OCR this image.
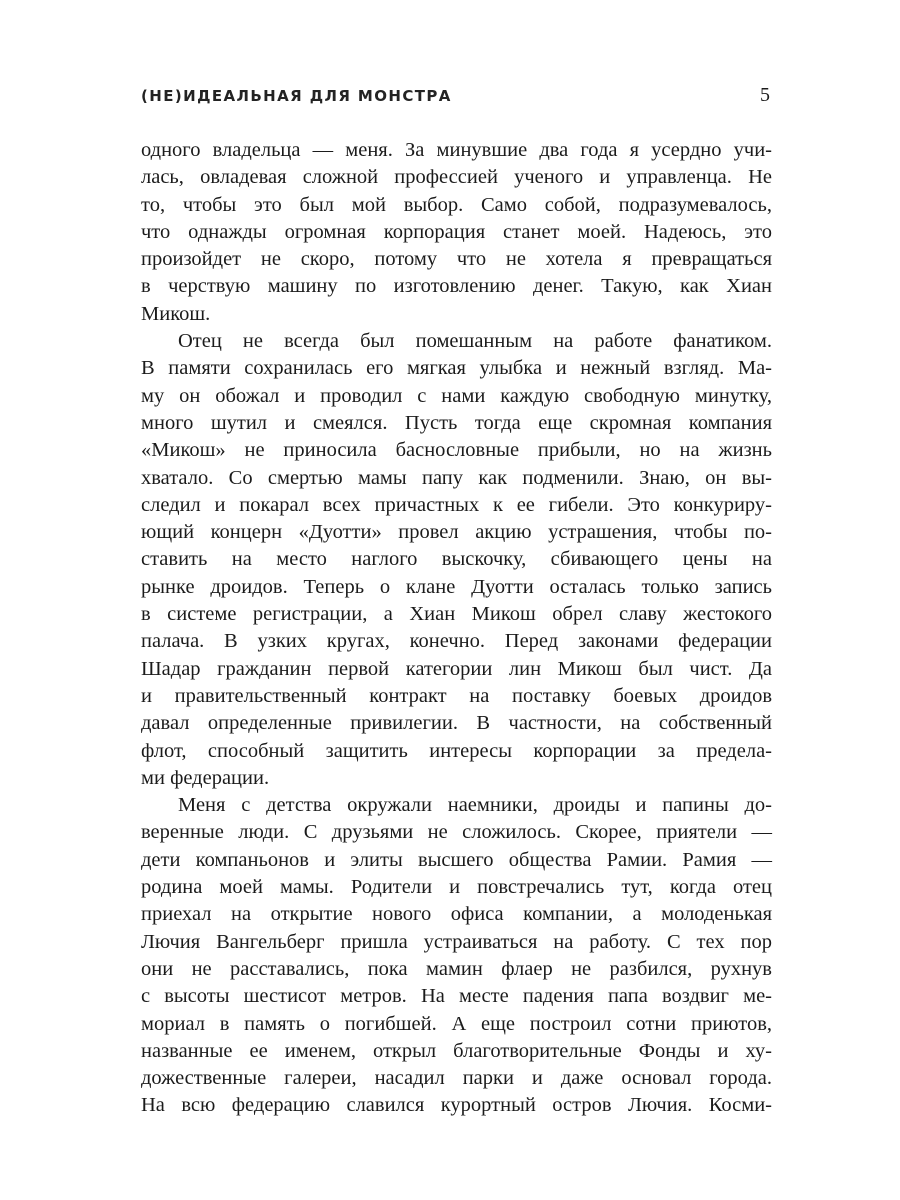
(НЕ)ИДЕАЛЬНАЯ ДЛЯ МОНСТРА	5

одного владельца — меня. За минувшие два года я усердно учи-
лась, овладевая сложной профессией ученого и управленца. Не
то, чтобы это был мой выбор. Само собой, подразумевалось,
что однажды огромная корпорация станет моей. Надеюсь, это
произойдет не скоро, потому что не хотела я превращаться
в черствую машину по изготовлению денег. Такую, как Хиан
Микош.

Отец не всегда был помешанным на работе фанатиком.
В памяти сохранилась его мягкая улыбка и нежный взгляд. Ма-
му он обожал и проводил с нами каждую свободную минутку,
много шутил и смеялся. Пусть тогда еще скромная компания
«Микош» не приносила баснословные прибыли, но на жизнь
хватало. Со смертью мамы папу как подменили. Знаю, он вы-
следил и покарал всех причастных к ее гибели. Это конкуриру-
ющий концерн «Дуотти» провел акцию устрашения, чтобы по-
ставить на место наглого выскочку, сбивающего цены на
рынке дроидов. Теперь о клане Дуотти осталась только запись
в системе регистрации, а Хиан Микош обрел славу жестокого
палача. В узких кругах, конечно. Перед законами федерации
Шадар гражданин первой категории лин Микош был чист. Да
и правительственный контракт на поставку боевых дроидов
давал определенные привилегии. В частности, на собственный
флот, способный защитить интересы корпорации за предела-
ми федерации.

Меня с детства окружали наемники, дроиды и папины до-
веренные люди. С друзьями не сложилось. Скорее, приятели —
дети компаньонов и элиты высшего общества Рамии. Рамия —
родина моей мамы. Родители и повстречались тут, когда отец
приехал на открытие нового офиса компании, а молоденькая
Лючия Вангельберг пришла устраиваться на работу. С тех пор
они не расставались, пока мамин флаер не разбился, рухнув
с высоты шестисот метров. На месте падения папа воздвиг ме-
мориал в память о погибшей. А еще построил сотни приютов,
названные ее именем, открыл благотворительные Фонды и ху-
дожественные галереи, насадил парки и даже основал города.
На всю федерацию славился курортный остров Лючия. Косми-
